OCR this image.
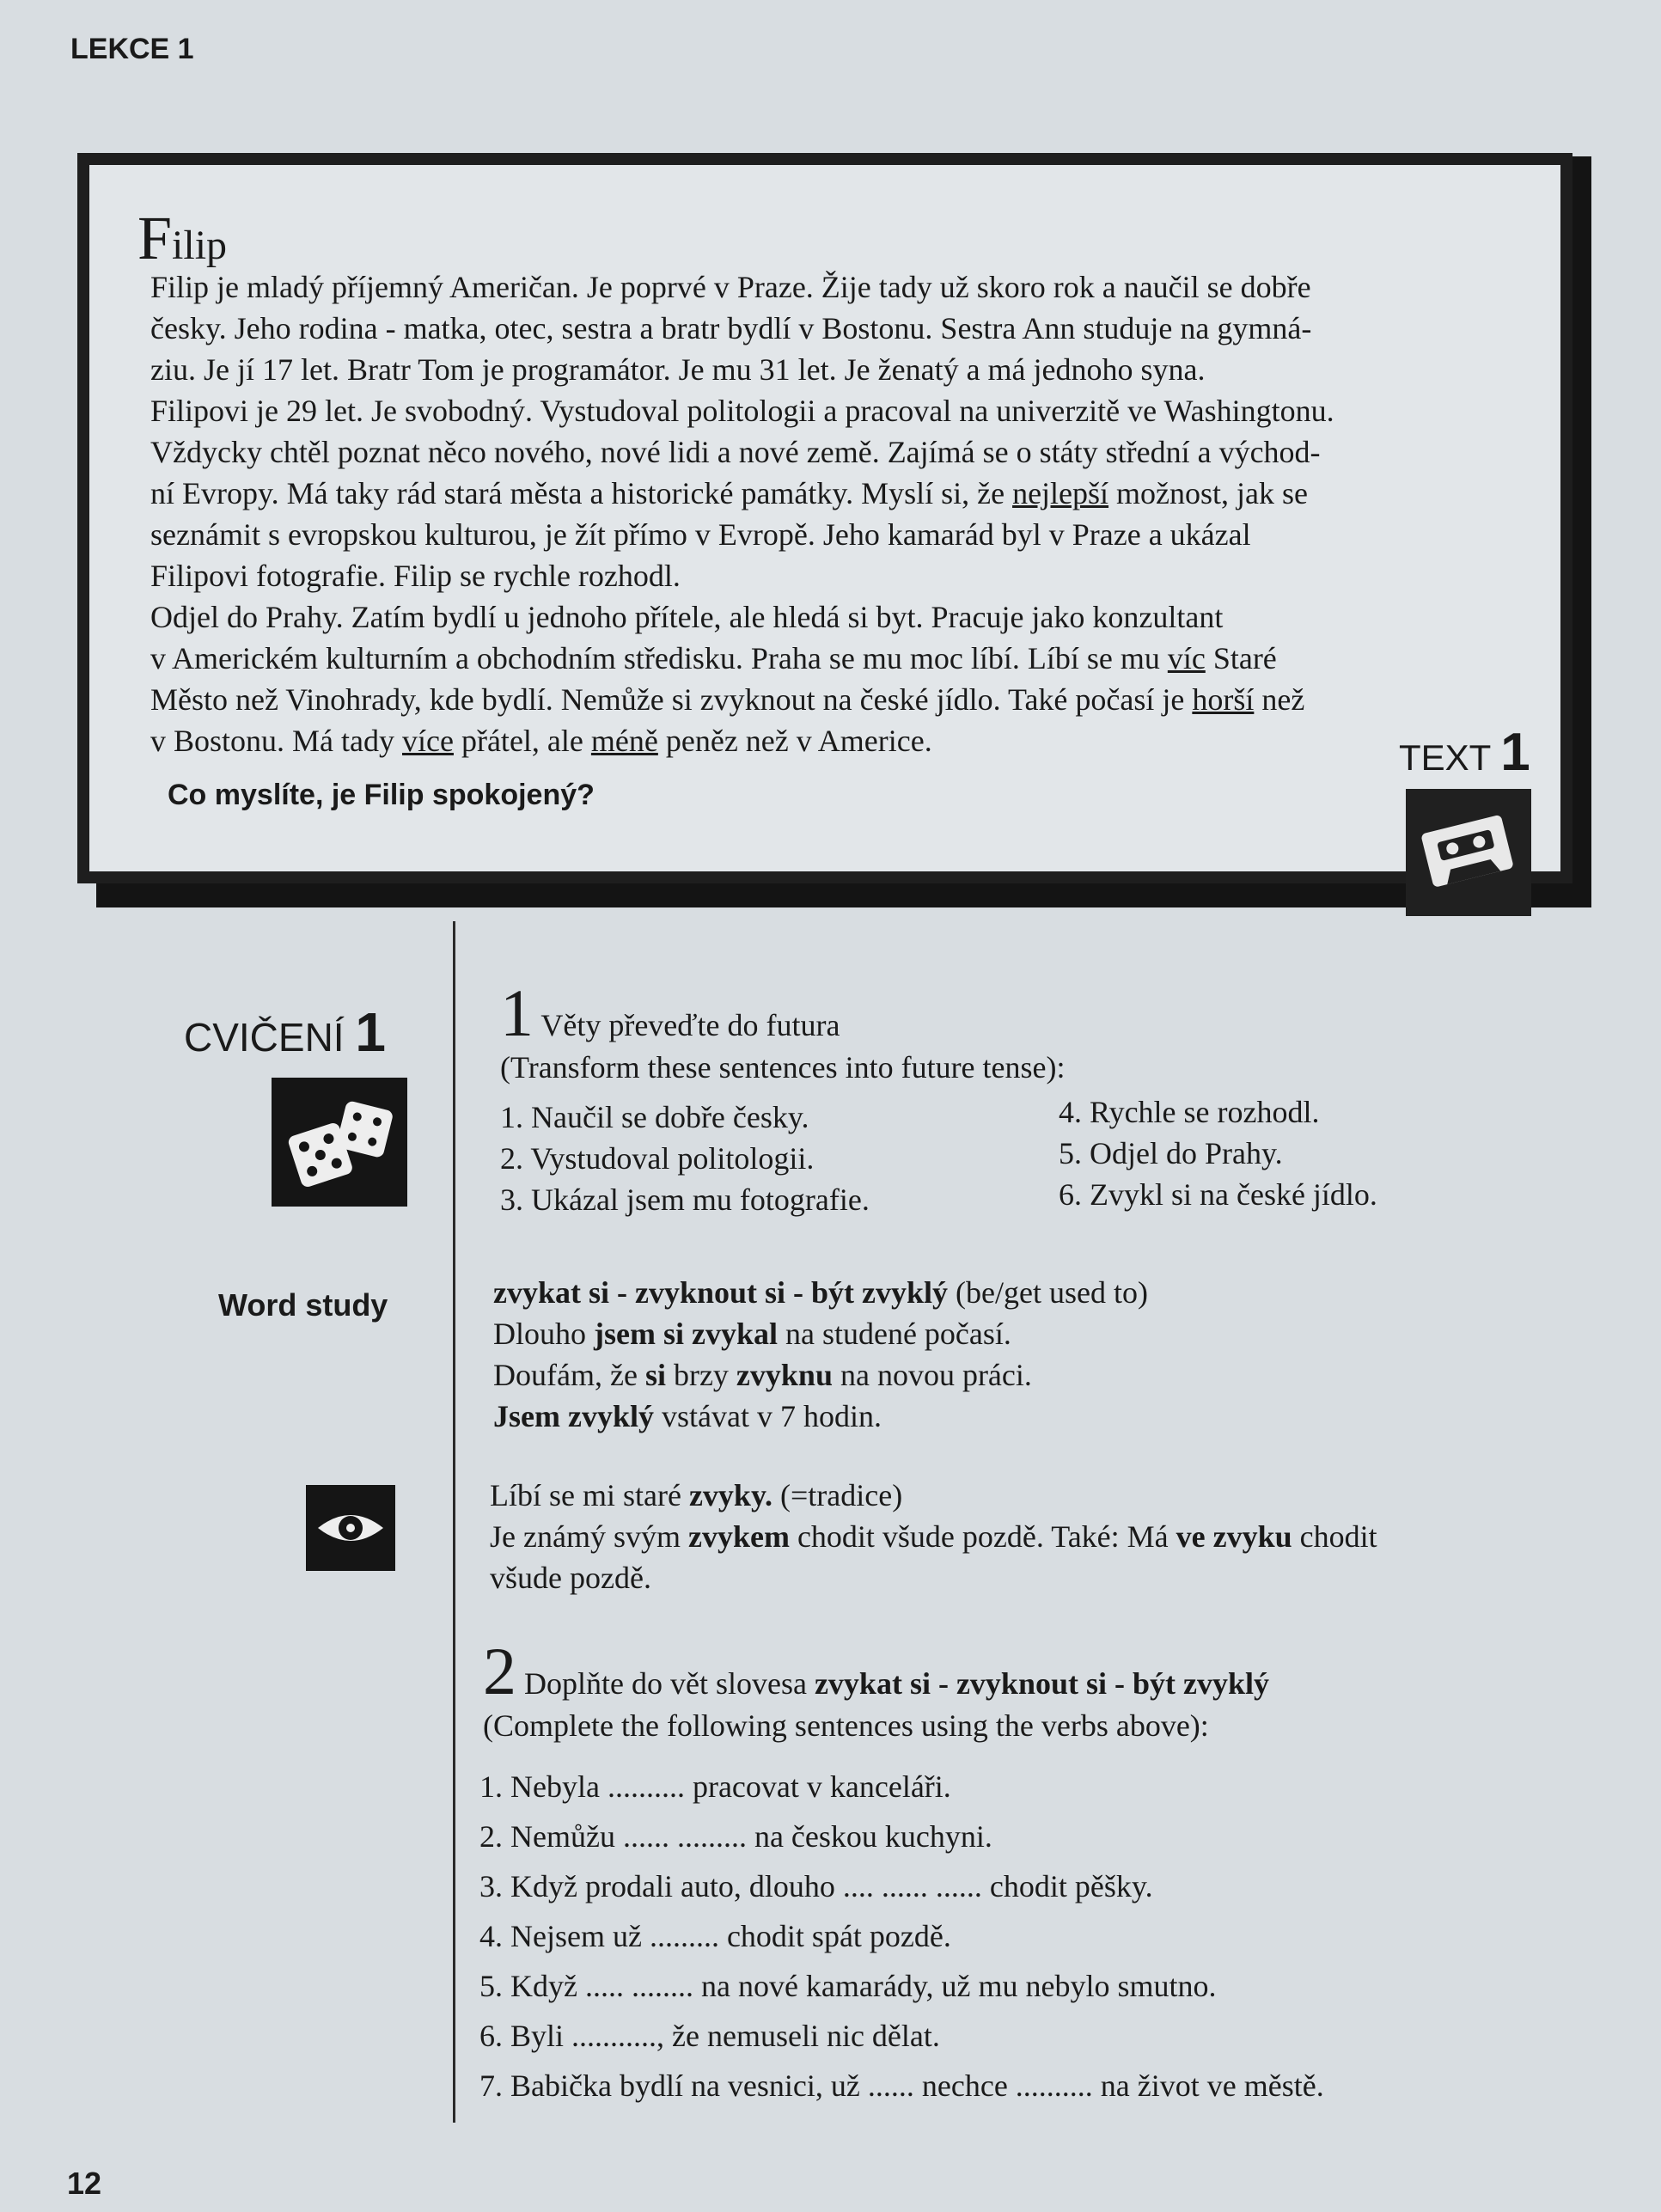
LEKCE 1
Filip
Filip je mladý příjemný Američan. Je poprvé v Praze. Žije tady už skoro rok a naučil se dobře
česky. Jeho rodina - matka, otec, sestra a bratr bydlí v Bostonu. Sestra Ann studuje na gymná-
ziu. Je jí 17 let. Bratr Tom je programátor. Je mu 31 let. Je ženatý a má jednoho syna.
Filipovi je 29 let. Je svobodný. Vystudoval politologii a pracoval na univerzitě ve Washingtonu.
Vždycky chtěl poznat něco nového, nové lidi a nové země. Zajímá se o státy střední a východ-
ní Evropy. Má taky rád stará města a historické památky. Myslí si, že nejlepší možnost, jak se
seznámit s evropskou kulturou, je žít přímo v Evropě. Jeho kamarád byl v Praze a ukázal
Filipovi fotografie. Filip se rychle rozhodl.
Odjel do Prahy. Zatím bydlí u jednoho přítele, ale hledá si byt. Pracuje jako konzultant
v Americkém kulturním a obchodním středisku. Praha se mu moc líbí. Líbí se mu víc Staré
Město než Vinohrady, kde bydlí. Nemůže si zvyknout na české jídlo. Také počasí je horší než
v Bostonu. Má tady více přátel, ale méně peněz než v Americe.
Co myslíte, je Filip spokojený?
TEXT 1
CVIČENÍ 1
Word study
1 Věty převeďte do futura
(Transform these sentences into future tense):
1. Naučil se dobře česky.
2. Vystudoval politologii.
3. Ukázal jsem mu fotografie.
4. Rychle se rozhodl.
5. Odjel do Prahy.
6. Zvykl si na české jídlo.
zvykat si - zvyknout si - být zvyklý (be/get used to)
Dlouho jsem si zvykal na studené počasí.
Doufám, že si brzy zvyknu na novou práci.
Jsem zvyklý vstávat v 7 hodin.
Líbí se mi staré zvyky. (=tradice)
Je známý svým zvykem chodit všude pozdě. Také: Má ve zvyku chodit
všude pozdě.
2 Doplňte do vět slovesa zvykat si - zvyknout si - být zvyklý
(Complete the following sentences using the verbs above):
1. Nebyla .......... pracovat v kanceláři.
2. Nemůžu ...... ......... na českou kuchyni.
3. Když prodali auto, dlouho .... ...... ...... chodit pěšky.
4. Nejsem už ......... chodit spát pozdě.
5. Když ..... ........ na nové kamarády, už mu nebylo smutno.
6. Byli ..........., že nemuseli nic dělat.
7. Babička bydlí na vesnici, už ...... nechce .......... na život ve městě.
12
